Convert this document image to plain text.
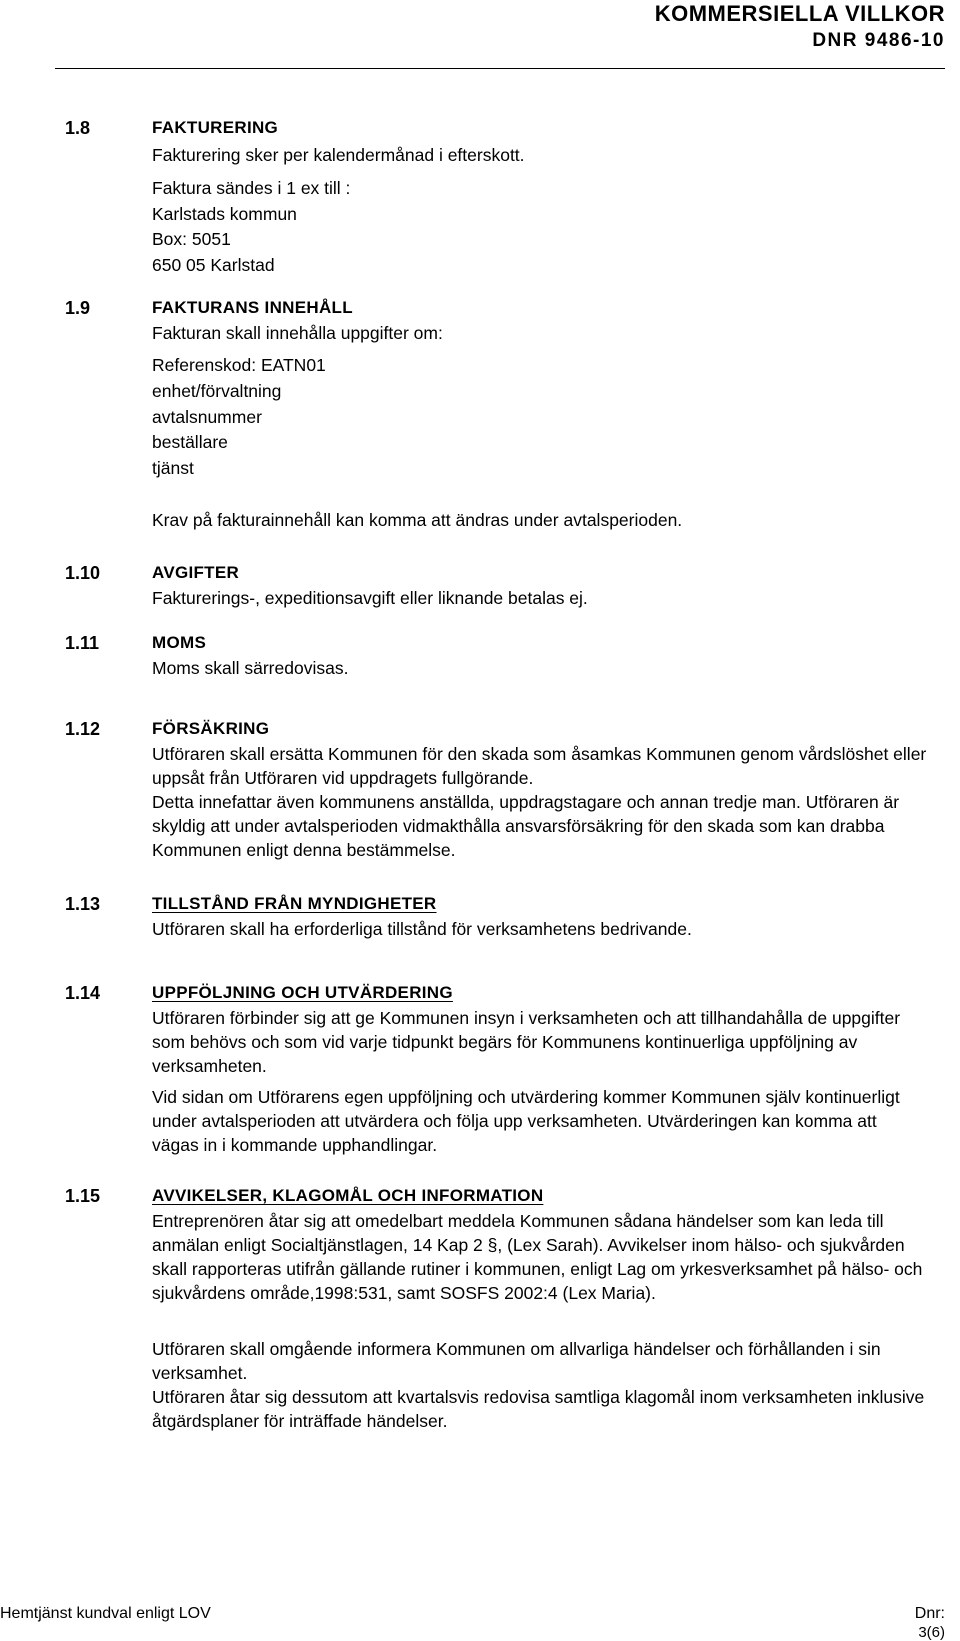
KOMMERSIELLA VILLKOR
DNR 9486-10
1.8	FAKTURERING
Fakturering sker per kalendermånad i efterskott.
Faktura sändes i 1 ex till :
Karlstads kommun
Box: 5051
650 05 Karlstad
1.9	FAKTURANS INNEHÅLL
Fakturan skall innehålla uppgifter om:
Referenskod: EATN01
enhet/förvaltning
avtalsnummer
beställare
tjänst
Krav på fakturainnehåll kan komma att ändras under avtalsperioden.
1.10	AVGIFTER
Fakturerings-, expeditionsavgift eller liknande betalas ej.
1.11	MOMS
Moms skall särredovisas.
1.12	FÖRSÄKRING
Utföraren skall ersätta Kommunen för den skada som åsamkas Kommunen genom vårdslöshet eller uppsåt från Utföraren vid uppdragets fullgörande.
Detta innefattar även kommunens anställda, uppdragstagare och annan tredje man. Utföraren är skyldig att under avtalsperioden vidmakthålla ansvarsförsäkring för den skada som kan drabba Kommunen enligt denna bestämmelse.
1.13	TILLSTÅND FRÅN MYNDIGHETER
Utföraren skall ha erforderliga tillstånd för verksamhetens bedrivande.
1.14	UPPFÖLJNING OCH UTVÄRDERING
Utföraren förbinder sig att ge Kommunen insyn i verksamheten och att tillhandahålla de uppgifter som behövs och som vid varje tidpunkt begärs för Kommunens kontinuerliga uppföljning av verksamheten.
Vid sidan om Utförarens egen uppföljning och utvärdering kommer Kommunen själv kontinuerligt under avtalsperioden att utvärdera och följa upp verksamheten. Utvärderingen kan komma att vägas in i kommande upphandlingar.
1.15	AVVIKELSER, KLAGOMÅL OCH INFORMATION
Entreprenören åtar sig att omedelbart meddela Kommunen sådana händelser som kan leda till anmälan enligt Socialtjänstlagen, 14 Kap 2 §, (Lex Sarah). Avvikelser inom hälso- och sjukvården skall rapporteras utifrån gällande rutiner i kommunen, enligt Lag om yrkesverksamhet på hälso- och sjukvårdens område,1998:531, samt SOSFS 2002:4 (Lex Maria).
Utföraren skall omgående informera Kommunen om allvarliga händelser och förhållanden i sin verksamhet.
Utföraren åtar sig dessutom att kvartalsvis redovisa samtliga klagomål inom verksamheten inklusive åtgärdsplaner för inträffade händelser.
Hemtjänst kundval enligt LOV	Dnr:
3(6)
